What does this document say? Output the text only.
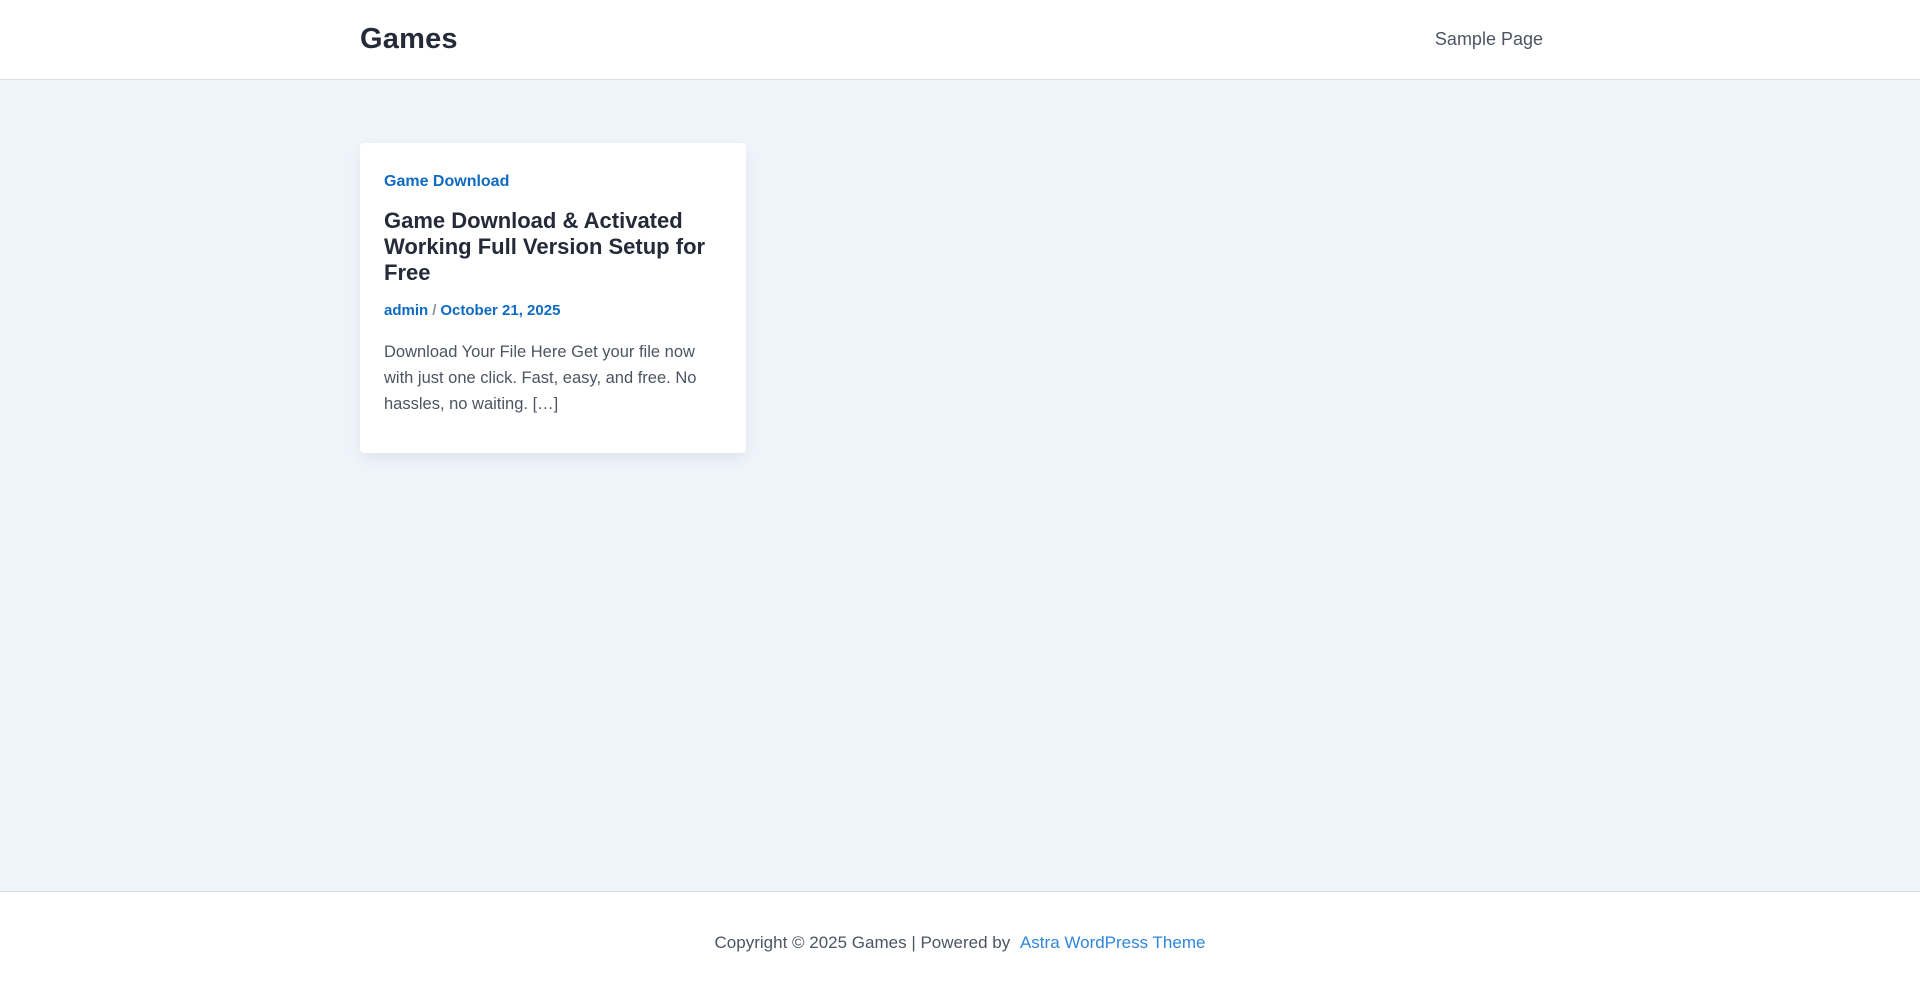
Games	Sample Page
Game Download
Game Download & Activated Working Full Version Setup for Free
admin / October 21, 2025

Download Your File Here Get your file now with just one click. Fast, easy, and free. No hassles, no waiting. […]

Copyright © 2025 Games | Powered by Astra WordPress Theme
